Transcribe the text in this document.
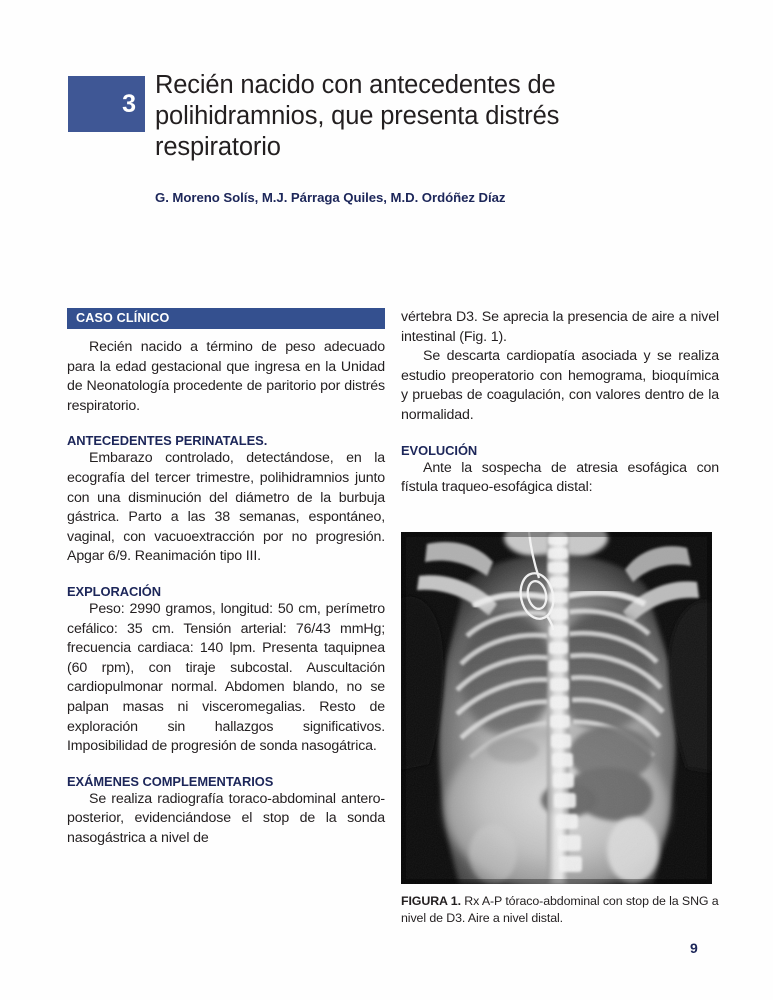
3
Recién nacido con antecedentes de polihidramnios, que presenta distrés respiratorio
G. Moreno Solís, M.J. Párraga Quiles, M.D. Ordóñez Díaz
CASO CLÍNICO

Recién nacido a término de peso adecuado para la edad gestacional que ingresa en la Unidad de Neonatología procedente de paritorio por distrés respiratorio.

ANTECEDENTES PERINATALES.

Embarazo controlado, detectándose, en la ecografía del tercer trimestre, polihidramnios junto con una disminución del diámetro de la burbuja gástrica. Parto a las 38 semanas, espontáneo, vaginal, con vacuoextracción por no progresión. Apgar 6/9. Reanimación tipo III.

EXPLORACIÓN

Peso: 2990 gramos, longitud: 50 cm, perímetro cefálico: 35 cm. Tensión arterial: 76/43 mmHg; frecuencia cardiaca: 140 lpm. Presenta taquipnea (60 rpm), con tiraje subcostal. Auscultación cardiopulmonar normal. Abdomen blando, no se palpan masas ni visceromegalias. Resto de exploración sin hallazgos significativos. Imposibilidad de progresión de sonda nasogátrica.

EXÁMENES COMPLEMENTARIOS

Se realiza radiografía toraco-abdominal antero-posterior, evidenciándose el stop de la sonda nasogástrica a nivel de

vértebra D3. Se aprecia la presencia de aire a nivel intestinal (Fig. 1).

Se descarta cardiopatía asociada y se realiza estudio preoperatorio con hemograma, bioquímica y pruebas de coagulación, con valores dentro de la normalidad.

EVOLUCIÓN

Ante la sospecha de atresia esofágica con fístula traqueo-esofágica distal:

FIGURA 1. Rx A-P tóraco-abdominal con stop de la SNG a nivel de D3. Aire a nivel distal.
9
